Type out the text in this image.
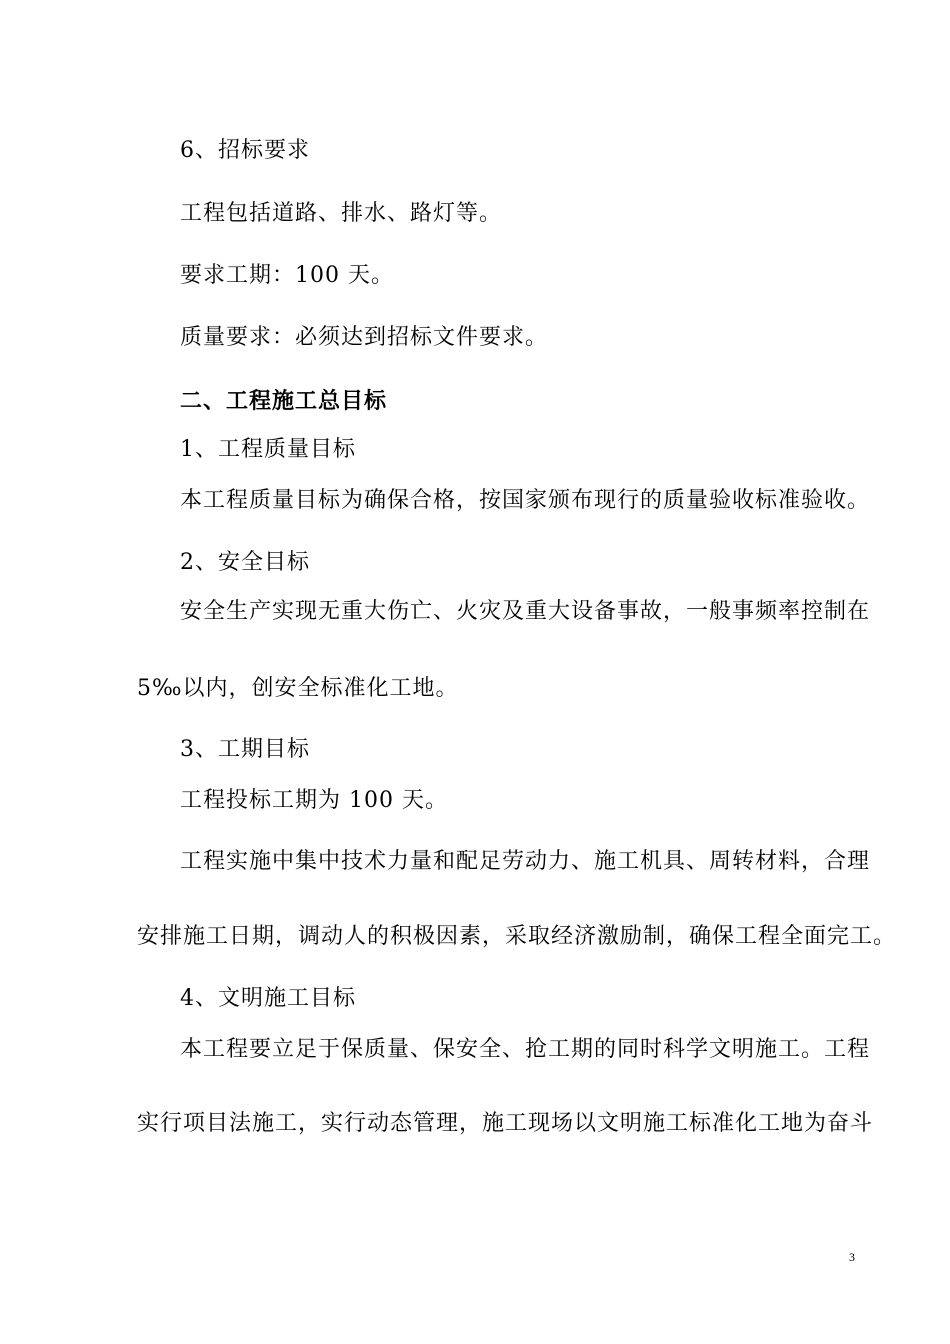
6、招标要求
工程包括道路、排水、路灯等。
要求工期：100 天。
质量要求：必须达到招标文件要求。
二、工程施工总目标
1、工程质量目标
本工程质量目标为确保合格，按国家颁布现行的质量验收标准验收。
2、安全目标
安全生产实现无重大伤亡、火灾及重大设备事故，一般事频率控制在
5‰以内，创安全标准化工地。
3、工期目标
工程投标工期为 100 天。
工程实施中集中技术力量和配足劳动力、施工机具、周转材料，合理
安排施工日期，调动人的积极因素，采取经济激励制，确保工程全面完工。
4、文明施工目标
本工程要立足于保质量、保安全、抢工期的同时科学文明施工。工程
实行项目法施工，实行动态管理，施工现场以文明施工标准化工地为奋斗
3
